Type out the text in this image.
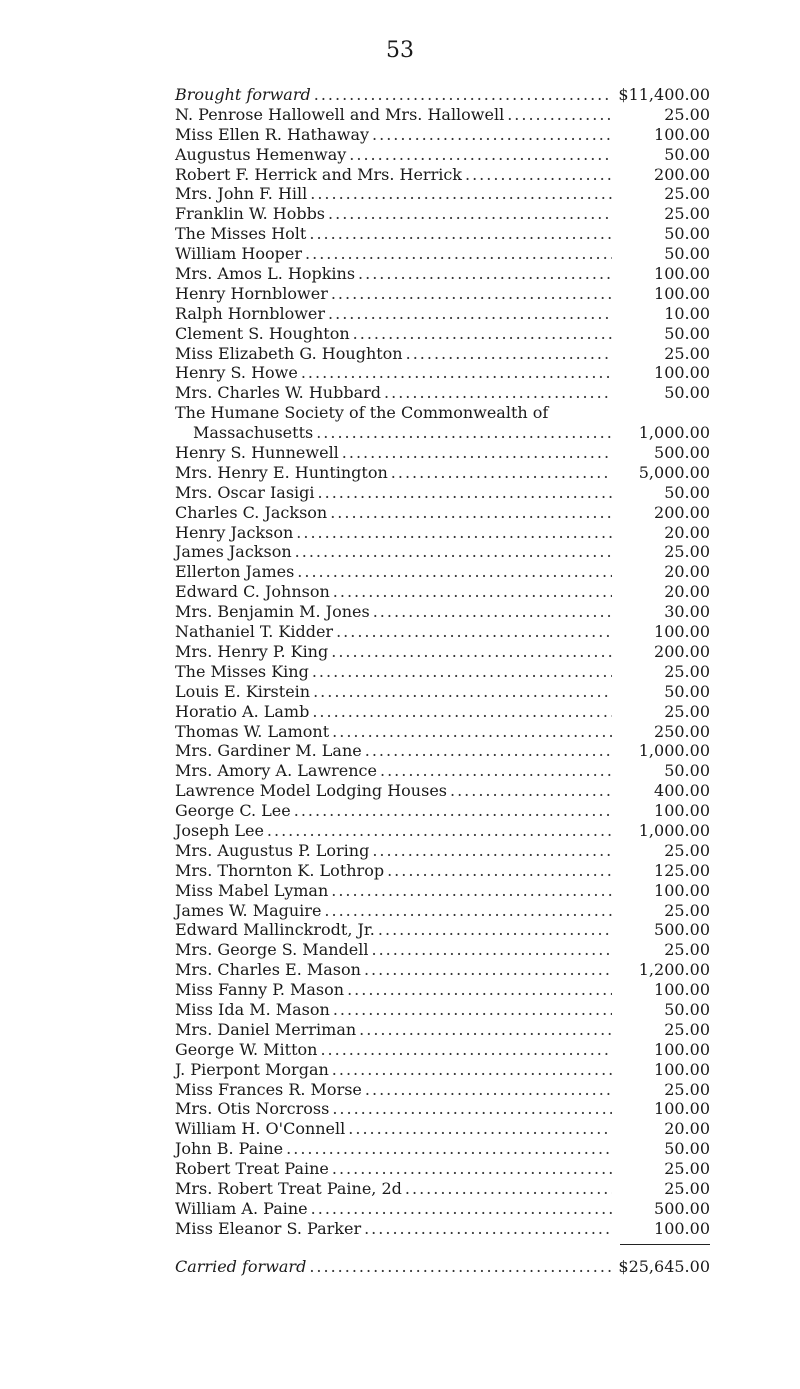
53
Brought forward .....	$11,400.00
N. Penrose Hallowell and Mrs. Hallowell .....	25.00
Miss Ellen R. Hathaway .....	100.00
Augustus Hemenway .....	50.00
Robert F. Herrick and Mrs. Herrick .....	200.00
Mrs. John F. Hill .....	25.00
Franklin W. Hobbs .....	25.00
The Misses Holt .....	50.00
William Hooper .....	50.00
Mrs. Amos L. Hopkins .....	100.00
Henry Hornblower .....	100.00
Ralph Hornblower .....	10.00
Clement S. Houghton .....	50.00
Miss Elizabeth G. Houghton .....	25.00
Henry S. Howe .....	100.00
Mrs. Charles W. Hubbard .....	50.00
The Humane Society of the Commonwealth of
Massachusetts .....	1,000.00
Henry S. Hunnewell .....	500.00
Mrs. Henry E. Huntington .....	5,000.00
Mrs. Oscar Iasigi .....	50.00
Charles C. Jackson .....	200.00
Henry Jackson .....	20.00
James Jackson .....	25.00
Ellerton James .....	20.00
Edward C. Johnson .....	20.00
Mrs. Benjamin M. Jones .....	30.00
Nathaniel T. Kidder .....	100.00
Mrs. Henry P. King .....	200.00
The Misses King .....	25.00
Louis E. Kirstein .....	50.00
Horatio A. Lamb .....	25.00
Thomas W. Lamont .....	250.00
Mrs. Gardiner M. Lane .....	1,000.00
Mrs. Amory A. Lawrence .....	50.00
Lawrence Model Lodging Houses .....	400.00
George C. Lee .....	100.00
Joseph Lee .....	1,000.00
Mrs. Augustus P. Loring .....	25.00
Mrs. Thornton K. Lothrop .....	125.00
Miss Mabel Lyman .....	100.00
James W. Maguire .....	25.00
Edward Mallinckrodt, Jr. .....	500.00
Mrs. George S. Mandell .....	25.00
Mrs. Charles E. Mason .....	1,200.00
Miss Fanny P. Mason .....	100.00
Miss Ida M. Mason .....	50.00
Mrs. Daniel Merriman .....	25.00
George W. Mitton .....	100.00
J. Pierpont Morgan .....	100.00
Miss Frances R. Morse .....	25.00
Mrs. Otis Norcross .....	100.00
William H. O'Connell .....	20.00
John B. Paine .....	50.00
Robert Treat Paine .....	25.00
Mrs. Robert Treat Paine, 2d .....	25.00
William A. Paine .....	500.00
Miss Eleanor S. Parker .....	100.00
Carried forward .....	$25,645.00
